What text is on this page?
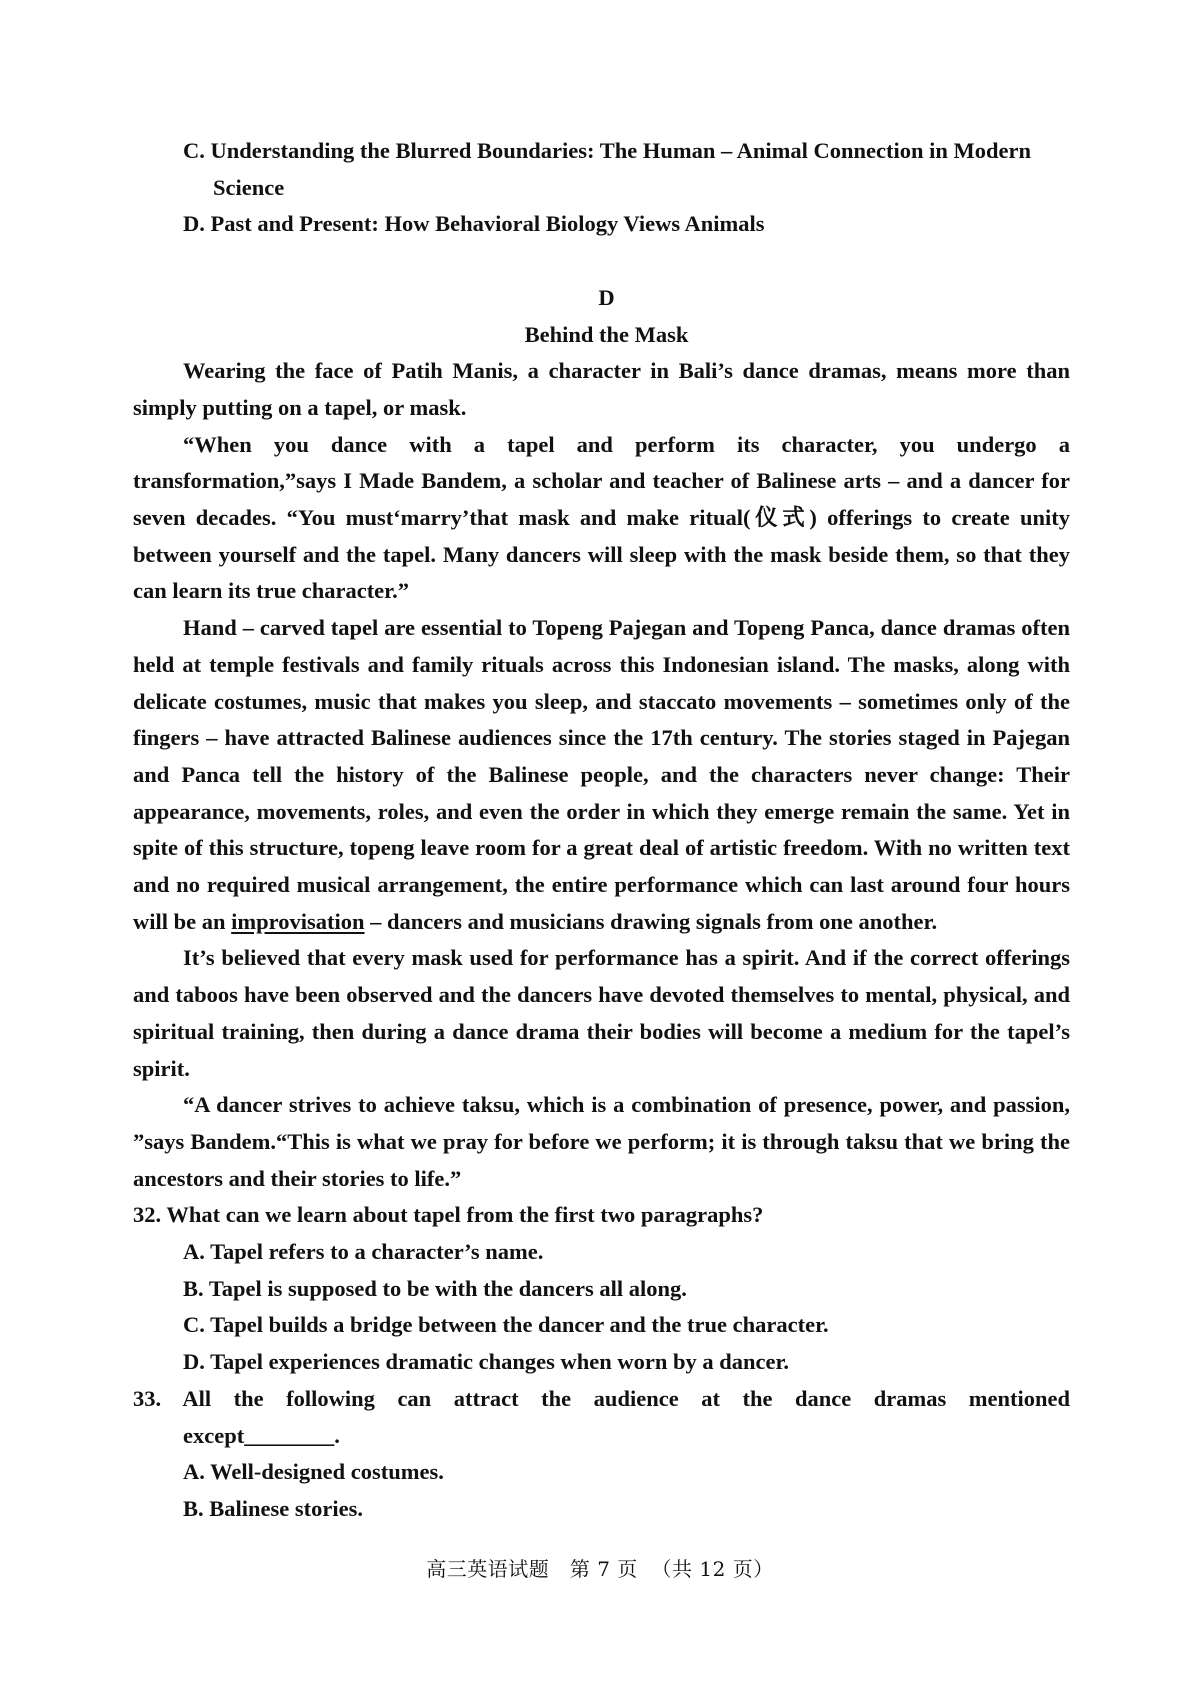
C. Understanding the Blurred Boundaries: The Human – Animal Connection in Modern Science

D. Past and Present: How Behavioral Biology Views Animals

D

Behind the Mask

Wearing the face of Patih Manis, a character in Bali’s dance dramas, means more than simply putting on a tapel, or mask.

“When you dance with a tapel and perform its character, you undergo a transformation,”says I Made Bandem, a scholar and teacher of Balinese arts – and a dancer for seven decades. “You must‘marry’that mask and make ritual(仪式) offerings to create unity between yourself and the tapel. Many dancers will sleep with the mask beside them, so that they can learn its true character.”

Hand – carved tapel are essential to Topeng Pajegan and Topeng Panca, dance dramas often held at temple festivals and family rituals across this Indonesian island. The masks, along with delicate costumes, music that makes you sleep, and staccato movements – sometimes only of the fingers – have attracted Balinese audiences since the 17th century. The stories staged in Pajegan and Panca tell the history of the Balinese people, and the characters never change: Their appearance, movements, roles, and even the order in which they emerge remain the same. Yet in spite of this structure, topeng leave room for a great deal of artistic freedom. With no written text and no required musical arrangement, the entire performance which can last around four hours will be an improvisation – dancers and musicians drawing signals from one another.

It’s believed that every mask used for performance has a spirit. And if the correct offerings and taboos have been observed and the dancers have devoted themselves to mental, physical, and spiritual training, then during a dance drama their bodies will become a medium for the tapel’s spirit.

“A dancer strives to achieve taksu, which is a combination of presence, power, and passion, ”says Bandem.“This is what we pray for before we perform; it is through taksu that we bring the ancestors and their stories to life.”

32. What can we learn about tapel from the first two paragraphs?

A. Tapel refers to a character’s name.

B. Tapel is supposed to be with the dancers all along.

C. Tapel builds a bridge between the dancer and the true character.

D. Tapel experiences dramatic changes when worn by a dancer.

33. All the following can attract the audience at the dance dramas mentioned

except________.

A. Well-designed costumes.

B. Balinese stories.

高三英语试题 第 7 页 （共 12 页）
